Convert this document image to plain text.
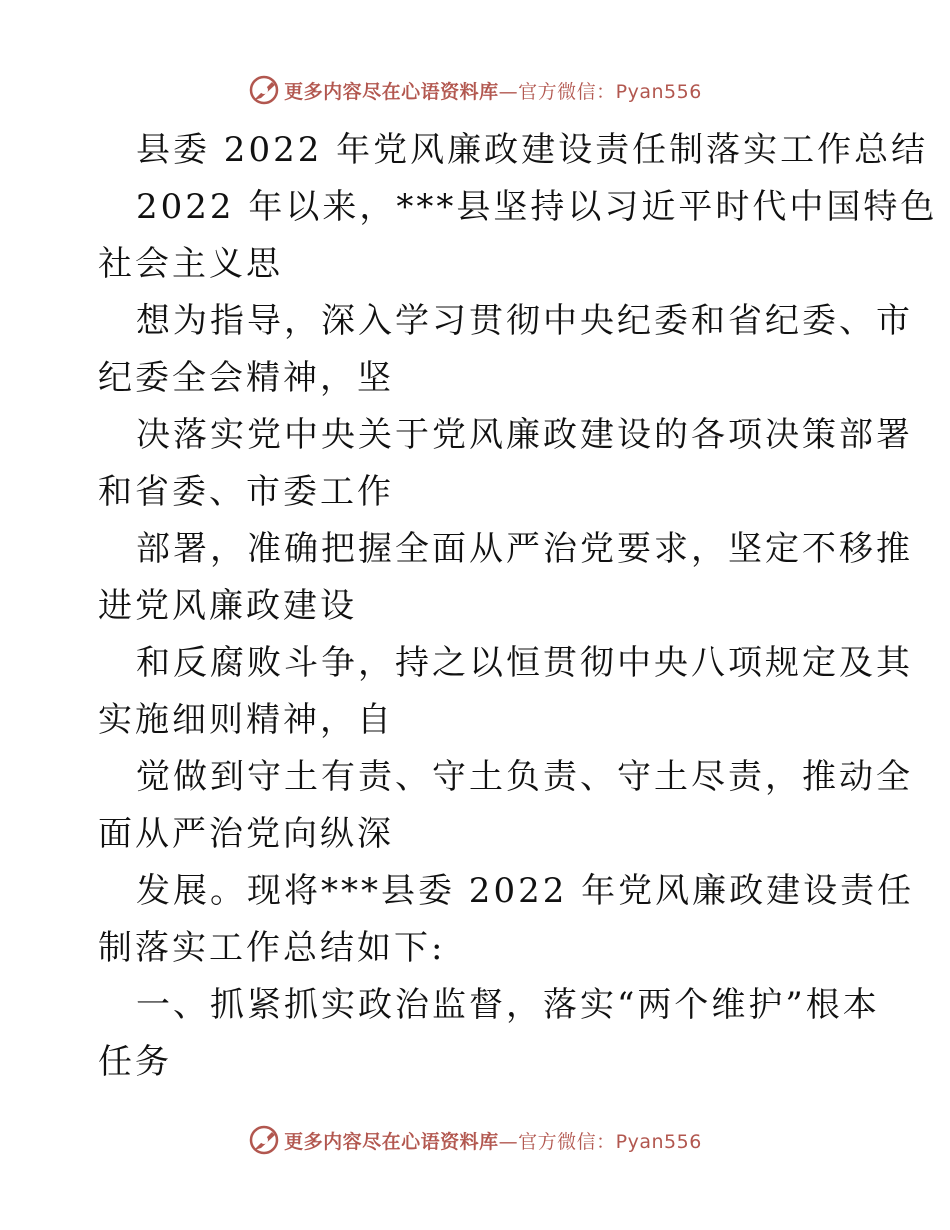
更多内容尽在心语资料库—官方微信：Pyan556
县委 2022 年党风廉政建设责任制落实工作总结
2022 年以来，***县坚持以习近平时代中国特色
社会主义思
想为指导，深入学习贯彻中央纪委和省纪委、市
纪委全会精神，坚
决落实党中央关于党风廉政建设的各项决策部署
和省委、市委工作
部署，准确把握全面从严治党要求，坚定不移推
进党风廉政建设
和反腐败斗争，持之以恒贯彻中央八项规定及其
实施细则精神，自
觉做到守土有责、守土负责、守土尽责，推动全
面从严治党向纵深
发展。现将***县委 2022 年党风廉政建设责任
制落实工作总结如下:
一、抓紧抓实政治监督，落实“两个维护”根本
任务
更多内容尽在心语资料库—官方微信：Pyan556
